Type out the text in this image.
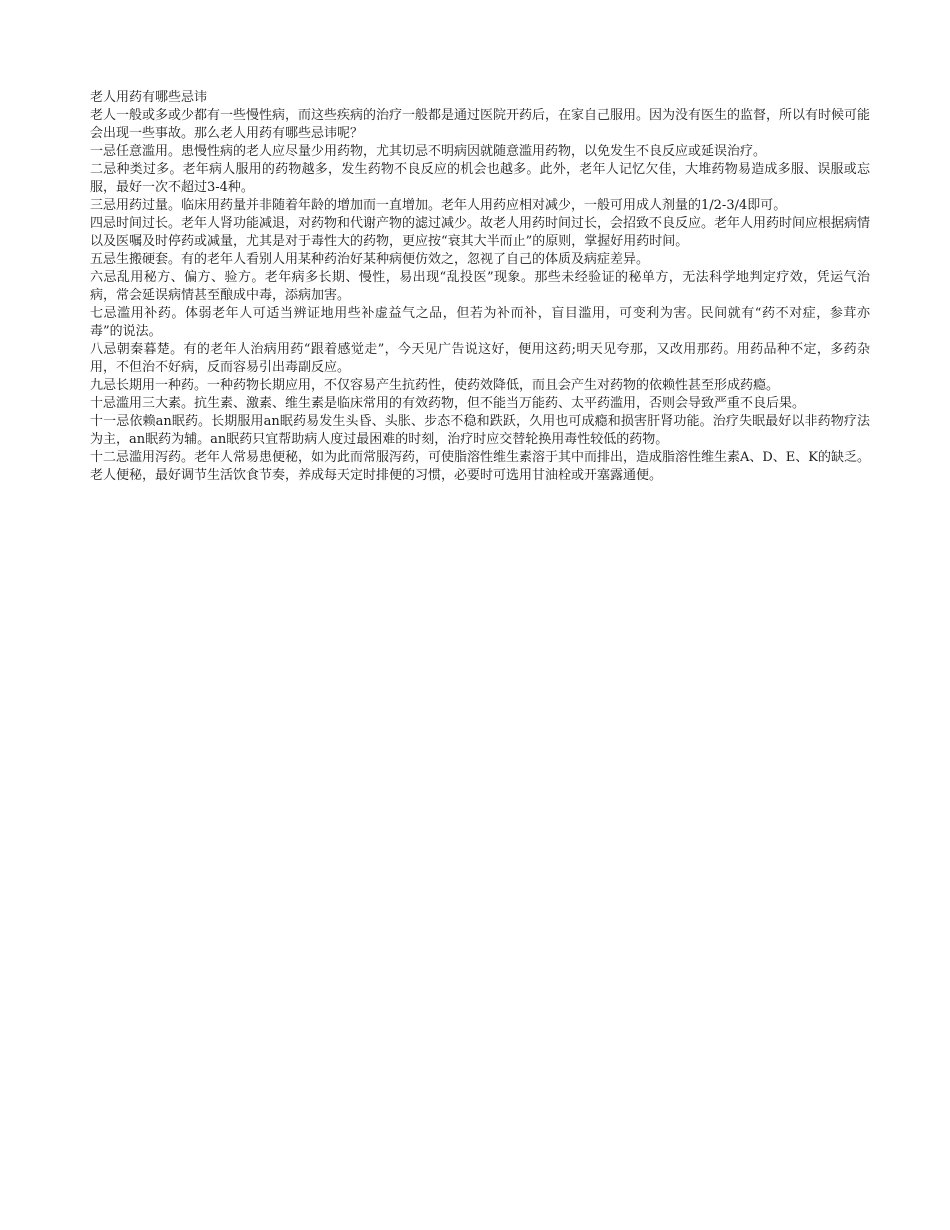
老人用药有哪些忌讳

老人一般或多或少都有一些慢性病，而这些疾病的治疗一般都是通过医院开药后，在家自己服用。因为没有医生的监督，所以有时候可能会出现一些事故。那么老人用药有哪些忌讳呢？

一忌任意滥用。患慢性病的老人应尽量少用药物，尤其切忌不明病因就随意滥用药物，以免发生不良反应或延误治疗。

二忌种类过多。老年病人服用的药物越多，发生药物不良反应的机会也越多。此外，老年人记忆欠佳，大堆药物易造成多服、误服或忘服，最好一次不超过3-4种。

三忌用药过量。临床用药量并非随着年龄的增加而一直增加。老年人用药应相对减少，一般可用成人剂量的1/2-3/4即可。

四忌时间过长。老年人肾功能减退，对药物和代谢产物的滤过减少。故老人用药时间过长，会招致不良反应。老年人用药时间应根据病情以及医嘱及时停药或减量，尤其是对于毒性大的药物，更应按“衰其大半而止”的原则，掌握好用药时间。

五忌生搬硬套。有的老年人看别人用某种药治好某种病便仿效之，忽视了自己的体质及病症差异。

六忌乱用秘方、偏方、验方。老年病多长期、慢性，易出现“乱投医”现象。那些未经验证的秘单方，无法科学地判定疗效，凭运气治病，常会延误病情甚至酿成中毒，添病加害。

七忌滥用补药。体弱老年人可适当辨证地用些补虚益气之品，但若为补而补，盲目滥用，可变利为害。民间就有“药不对症，参茸亦毒”的说法。

八忌朝秦暮楚。有的老年人治病用药“跟着感觉走”，今天见广告说这好，便用这药;明天见夸那，又改用那药。用药品种不定，多药杂用，不但治不好病，反而容易引出毒副反应。

九忌长期用一种药。一种药物长期应用，不仅容易产生抗药性，使药效降低，而且会产生对药物的依赖性甚至形成药瘾。

十忌滥用三大素。抗生素、激素、维生素是临床常用的有效药物，但不能当万能药、太平药滥用，否则会导致严重不良后果。

十一忌依赖an眠药。长期服用an眠药易发生头昏、头胀、步态不稳和跌跃，久用也可成瘾和损害肝肾功能。治疗失眠最好以非药物疗法为主，an眠药为辅。an眠药只宜帮助病人度过最困难的时刻，治疗时应交替轮换用毒性较低的药物。

十二忌滥用泻药。老年人常易患便秘，如为此而常服泻药，可使脂溶性维生素溶于其中而排出，造成脂溶性维生素A、D、E、K的缺乏。老人便秘，最好调节生活饮食节奏，养成每天定时排便的习惯，必要时可选用甘油栓或开塞露通便。
